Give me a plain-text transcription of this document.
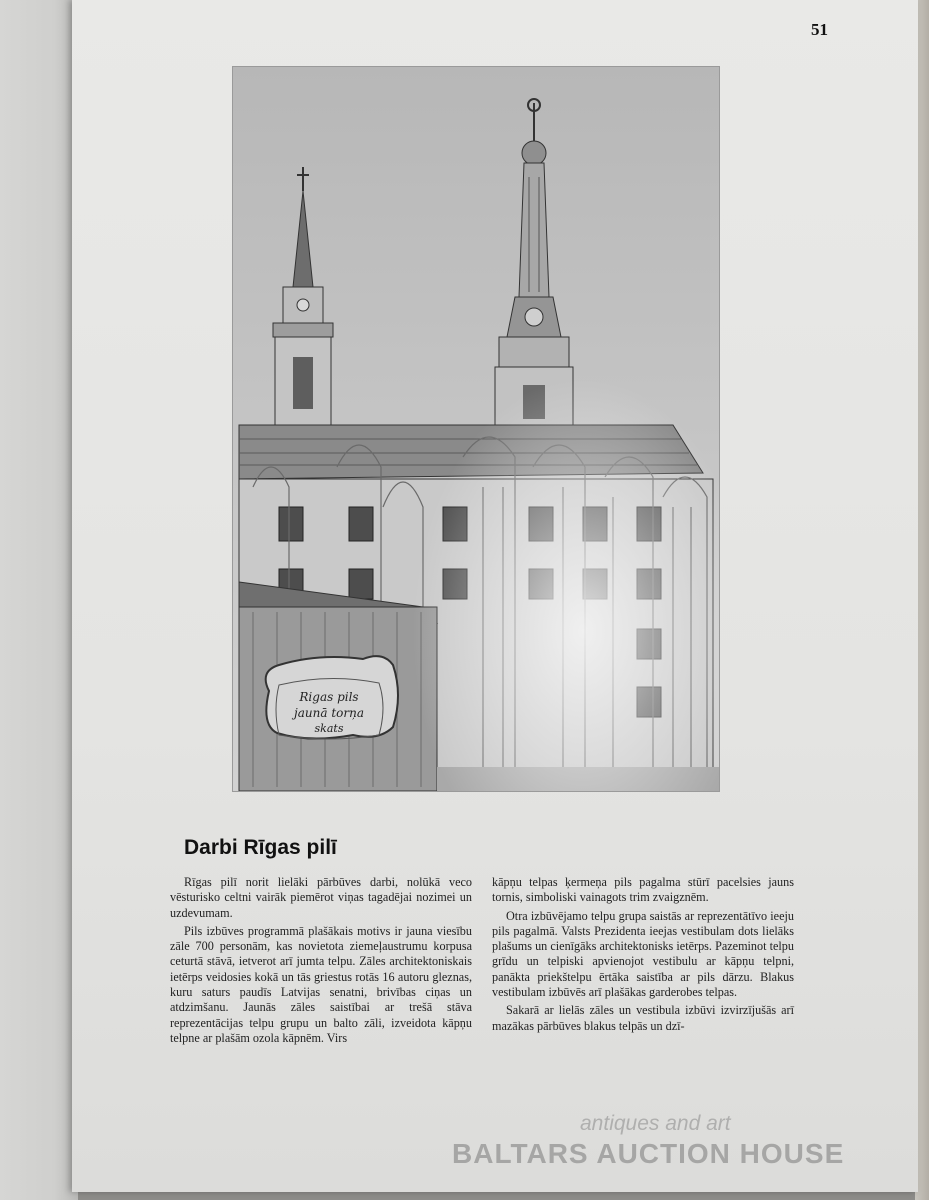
51
Rigas pils
jaunā torņa
skats
Darbi Rīgas pilī

Rīgas pilī norit lielāki pārbūves darbi, nolūkā veco vēsturisko celtni vairāk piemērot viņas tagadējai nozimei un uzdevumam.

Pils izbūves programmā plašākais motivs ir jauna viesību zāle 700 personām, kas novietota ziemeļaustrumu korpusa ceturtā stāvā, ietverot arī jumta telpu. Zāles architektoniskais ietērps veidosies kokā un tās griestus rotās 16 autoru gleznas, kuru saturs paudīs Latvijas senatni, brivības ciņas un atdzimšanu. Jaunās zāles saistībai ar trešā stāva reprezentācijas telpu grupu un balto zāli, izveidota kāpņu telpne ar plašām ozola kāpnēm. Virs

kāpņu telpas ķermeņa pils pagalma stūrī pacelsies jauns tornis, simboliski vainagots trim zvaigznēm.

Otra izbūvējamo telpu grupa saistās ar reprezentātīvo ieeju pils pagalmā. Valsts Prezidenta ieejas vestibulam dots lielāks plašums un cienīgāks architektonisks ietērps. Pazeminot telpu grīdu un telpiski apvienojot vestibulu ar kāpņu telpni, panākta priekštelpu ērtāka saistība ar pils dārzu. Blakus vestibulam izbūvēs arī plašākas garderobes telpas.

Sakarā ar lielās zāles un vestibula izbūvi izvirzījušās arī mazākas pārbūves blakus telpās un dzī-

antiques and art
BALTARS AUCTION HOUSE
